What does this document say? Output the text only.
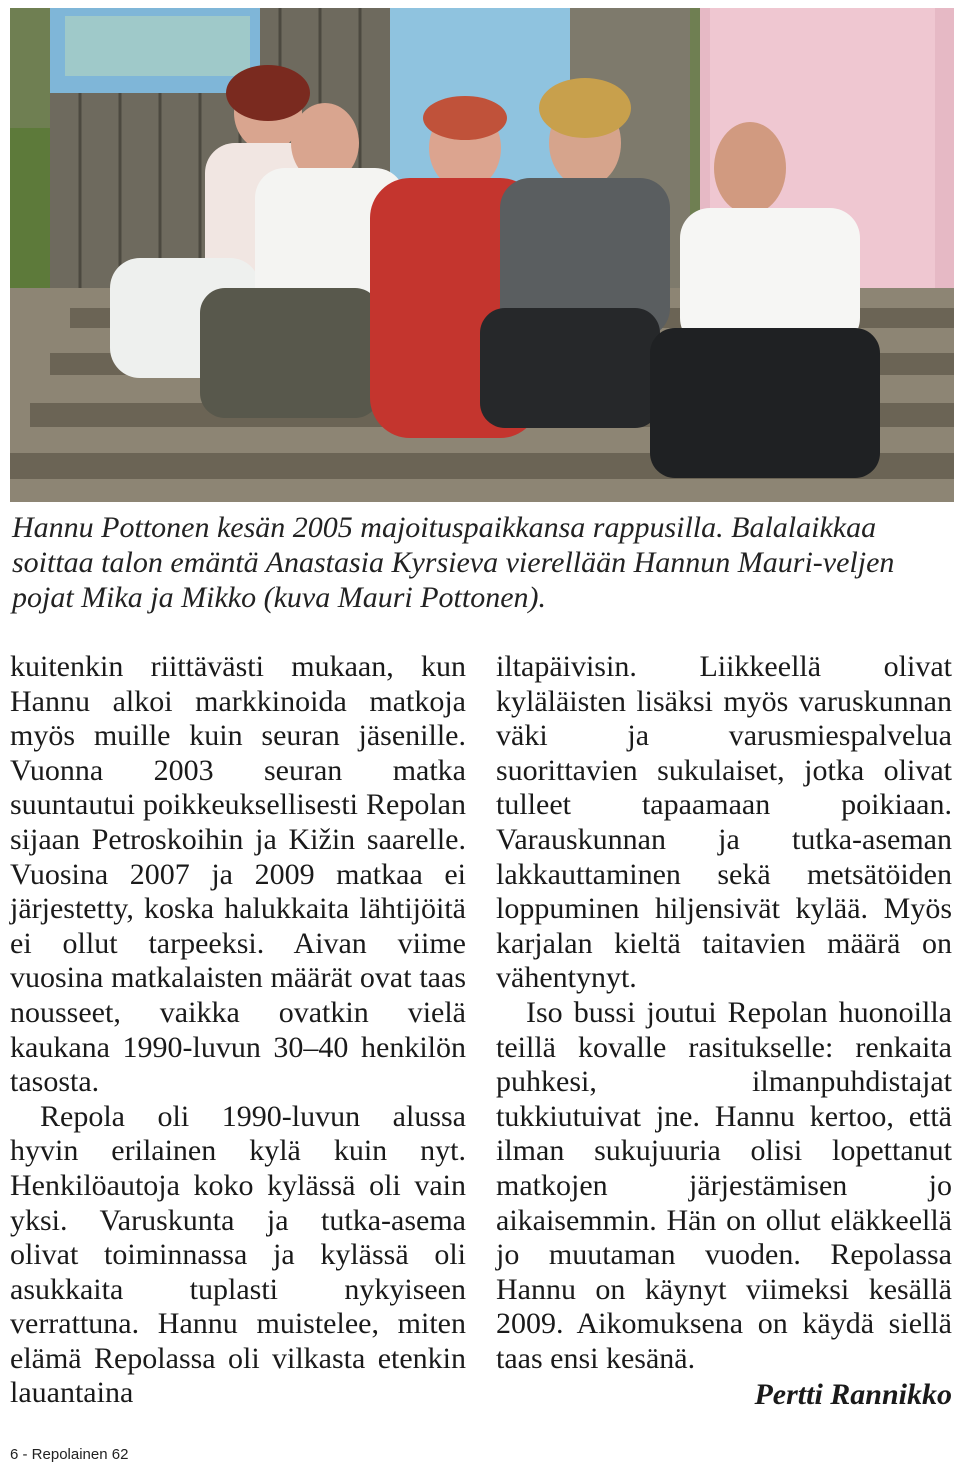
Hannu Pottonen kesän 2005 majoituspaikkansa rappusilla. Balalaikkaa soittaa talon emäntä Anastasia Kyrsieva vierellään Hannun Mauri-veljen pojat Mika ja Mikko (kuva Mauri Pottonen).

kuitenkin riittävästi mukaan, kun Hannu alkoi markkinoida matkoja myös muille kuin seuran jäsenille. Vuonna 2003 seuran matka suuntautui poikkeuksellisesti Repolan sijaan Petroskoihin ja Kižin saarelle. Vuosina 2007 ja 2009 matkaa ei järjestetty, koska halukkaita lähtijöitä ei ollut tarpeeksi. Aivan viime vuosina matkalaisten määrät ovat taas nousseet, vaikka ovatkin vielä kaukana 1990-luvun 30–40 henkilön tasosta.

Repola oli 1990-luvun alussa hyvin erilainen kylä kuin nyt. Henkilöautoja koko kylässä oli vain yksi. Varuskunta ja tutka-asema olivat toiminnassa ja kylässä oli asukkaita tuplasti nykyiseen verrattuna. Hannu muistelee, miten elämä Repolassa oli vilkasta etenkin lauantaina

iltapäivisin. Liikkeellä olivat kyläläisten lisäksi myös varuskunnan väki ja varusmiespalvelua suorittavien sukulaiset, jotka olivat tulleet tapaamaan poikiaan. Varauskunnan ja tutka-aseman lakkauttaminen sekä metsätöiden loppuminen hiljensivät kylää. Myös karjalan kieltä taitavien määrä on vähentynyt.

Iso bussi joutui Repolan huonoilla teillä kovalle rasitukselle: renkaita puhkesi, ilmanpuhdistajat tukkiutuivat jne. Hannu kertoo, että ilman sukujuuria olisi lopettanut matkojen järjestämisen jo aikaisemmin. Hän on ollut eläkkeellä jo muutaman vuoden. Repolassa Hannu on käynyt viimeksi kesällä 2009. Aikomuksena on käydä siellä taas ensi kesänä.

Pertti Rannikko
6 - Repolainen 62
